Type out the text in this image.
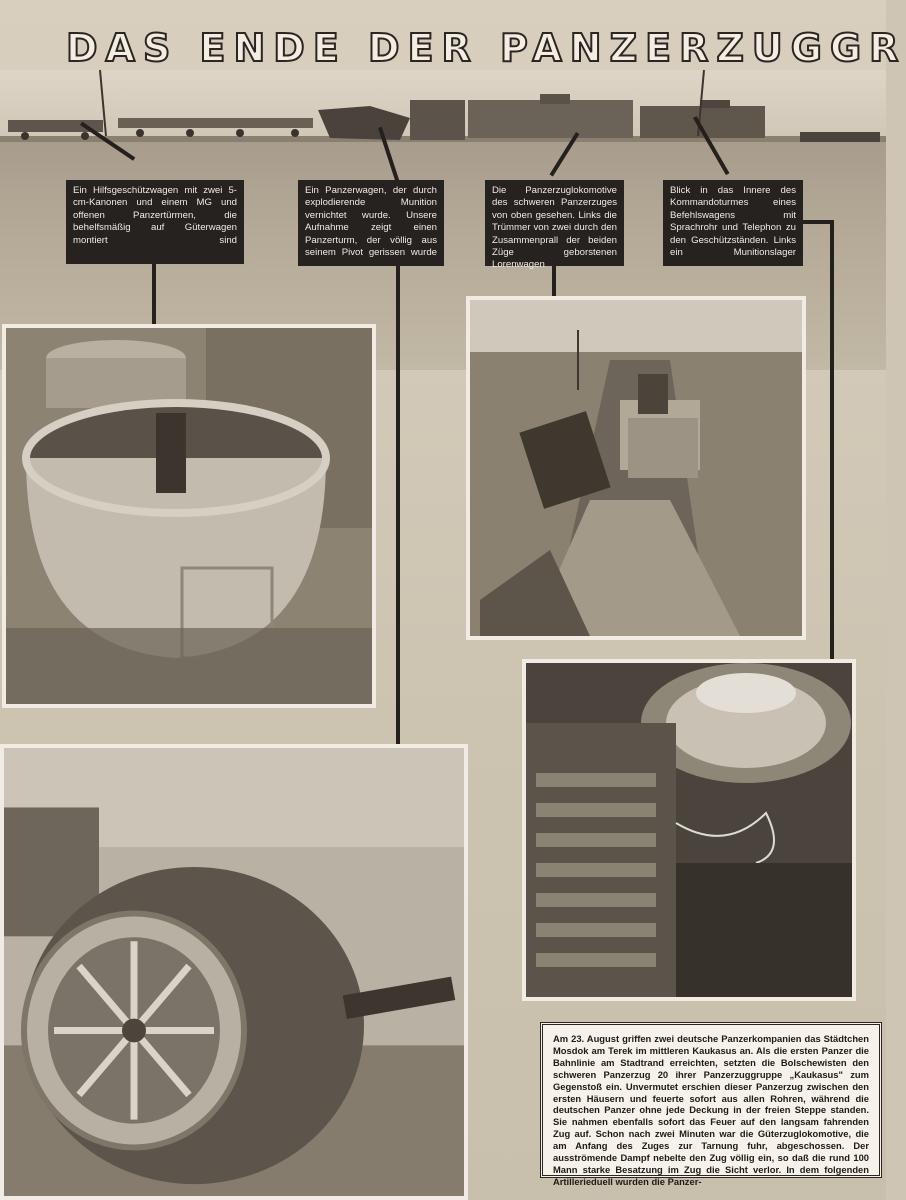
DAS ENDE DER PANZERZUGGR
Ein Hilfsgeschützwagen mit zwei 5-cm-Kanonen und einem MG und offenen Panzertürmen, die behelfsmäßig auf Güterwagen montiert sind
Ein Panzerwagen, der durch explodierende Munition vernichtet wurde. Unsere Aufnahme zeigt einen Panzerturm, der völlig aus seinem Pivot gerissen wurde
Die Panzerzuglokomotive des schweren Panzerzuges von oben gesehen. Links die Trümmer von zwei durch den Zusammenprall der beiden Züge geborstenen Lorenwagen
Blick in das Innere des Kommandoturmes eines Befehlswagens mit Sprachrohr und Telephon zu den Geschützständen. Links ein Munitionslager
Am 23. August griffen zwei deutsche Panzerkompanien das Städtchen Mosdok am Terek im mittleren Kaukasus an. Als die ersten Panzer die Bahnlinie am Stadtrand erreichten, setzten die Bolschewisten den schweren Panzerzug 20 ihrer Panzerzuggruppe „Kaukasus" zum Gegenstoß ein. Unvermutet erschien dieser Panzerzug zwischen den ersten Häusern und feuerte sofort aus allen Rohren, während die deutschen Panzer ohne jede Deckung in der freien Steppe standen. Sie nahmen ebenfalls sofort das Feuer auf den langsam fahrenden Zug auf. Schon nach zwei Minuten war die Güterzuglokomotive, die am Anfang des Zuges zur Tarnung fuhr, abgeschossen. Der ausströmende Dampf nebelte den Zug völlig ein, so daß die rund 100 Mann starke Besatzung im Zug die Sicht verlor. In dem folgenden Artillerieduell wurden die Panzer-
